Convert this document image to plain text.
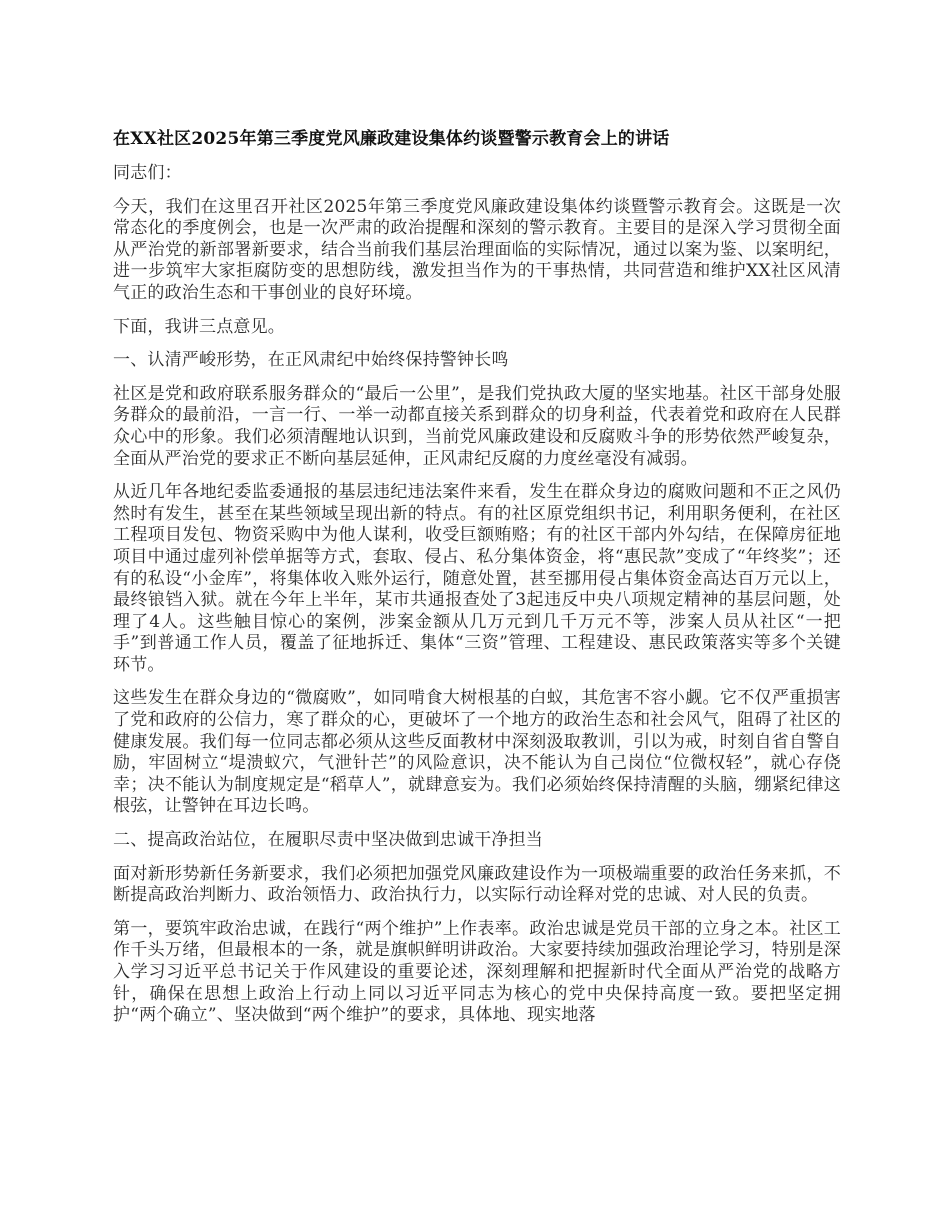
在XX社区2025年第三季度党风廉政建设集体约谈暨警示教育会上的讲话

同志们：

今天，我们在这里召开社区2025年第三季度党风廉政建设集体约谈暨警示教育会。这既是一次常态化的季度例会，也是一次严肃的政治提醒和深刻的警示教育。主要目的是深入学习贯彻全面从严治党的新部署新要求，结合当前我们基层治理面临的实际情况，通过以案为鉴、以案明纪，进一步筑牢大家拒腐防变的思想防线，激发担当作为的干事热情，共同营造和维护XX社区风清气正的政治生态和干事创业的良好环境。

下面，我讲三点意见。

一、认清严峻形势，在正风肃纪中始终保持警钟长鸣

社区是党和政府联系服务群众的“最后一公里”，是我们党执政大厦的坚实地基。社区干部身处服务群众的最前沿，一言一行、一举一动都直接关系到群众的切身利益，代表着党和政府在人民群众心中的形象。我们必须清醒地认识到，当前党风廉政建设和反腐败斗争的形势依然严峻复杂，全面从严治党的要求正不断向基层延伸，正风肃纪反腐的力度丝毫没有减弱。

从近几年各地纪委监委通报的基层违纪违法案件来看，发生在群众身边的腐败问题和不正之风仍然时有发生，甚至在某些领域呈现出新的特点。有的社区原党组织书记，利用职务便利，在社区工程项目发包、物资采购中为他人谋利，收受巨额贿赂；有的社区干部内外勾结，在保障房征地项目中通过虚列补偿单据等方式，套取、侵占、私分集体资金，将“惠民款”变成了“年终奖”；还有的私设“小金库”，将集体收入账外运行，随意处置，甚至挪用侵占集体资金高达百万元以上，最终锒铛入狱。就在今年上半年，某市共通报查处了3起违反中央八项规定精神的基层问题，处理了4人。这些触目惊心的案例，涉案金额从几万元到几千万元不等，涉案人员从社区“一把手”到普通工作人员，覆盖了征地拆迁、集体“三资”管理、工程建设、惠民政策落实等多个关键环节。

这些发生在群众身边的“微腐败”，如同啃食大树根基的白蚁，其危害不容小觑。它不仅严重损害了党和政府的公信力，寒了群众的心，更破坏了一个地方的政治生态和社会风气，阻碍了社区的健康发展。我们每一位同志都必须从这些反面教材中深刻汲取教训，引以为戒，时刻自省自警自励，牢固树立“堤溃蚁穴，气泄针芒”的风险意识，决不能认为自己岗位“位微权轻”，就心存侥幸；决不能认为制度规定是“稻草人”，就肆意妄为。我们必须始终保持清醒的头脑，绷紧纪律这根弦，让警钟在耳边长鸣。

二、提高政治站位，在履职尽责中坚决做到忠诚干净担当

面对新形势新任务新要求，我们必须把加强党风廉政建设作为一项极端重要的政治任务来抓，不断提高政治判断力、政治领悟力、政治执行力，以实际行动诠释对党的忠诚、对人民的负责。

第一，要筑牢政治忠诚，在践行“两个维护”上作表率。政治忠诚是党员干部的立身之本。社区工作千头万绪，但最根本的一条，就是旗帜鲜明讲政治。大家要持续加强政治理论学习，特别是深入学习习近平总书记关于作风建设的重要论述，深刻理解和把握新时代全面从严治党的战略方针，确保在思想上政治上行动上同以习近平同志为核心的党中央保持高度一致。要把坚定拥护“两个确立”、坚决做到“两个维护”的要求，具体地、现实地落
